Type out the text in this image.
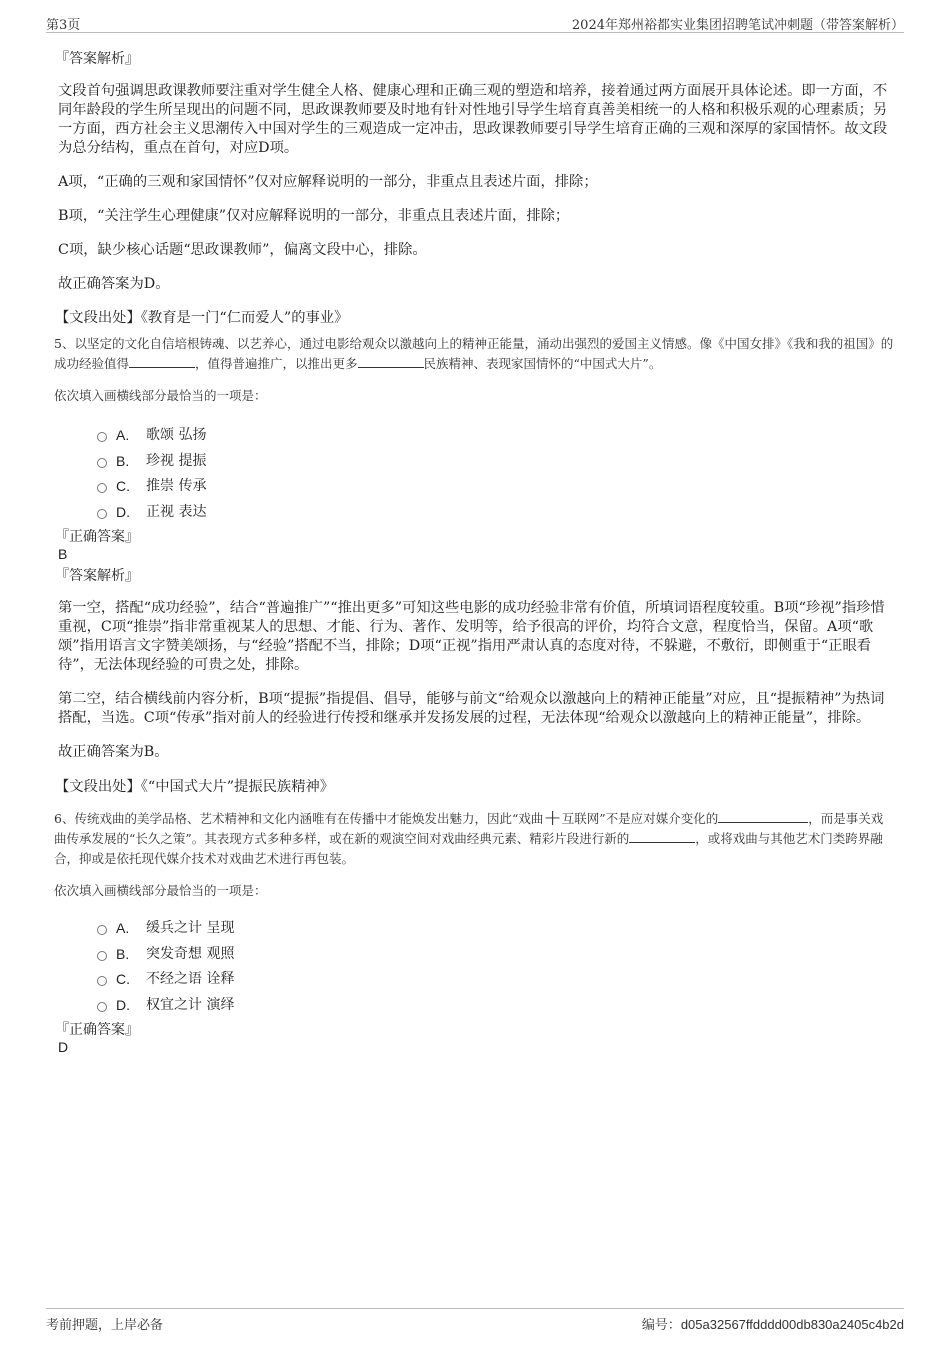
第3页	2024年郑州裕都实业集团招聘笔试冲刺题（带答案解析）

『答案解析』

文段首句强调思政课教师要注重对学生健全人格、健康心理和正确三观的塑造和培养，接着通过两方面展开具体论述。即一方面，不同年龄段的学生所呈现出的问题不同，思政课教师要及时地有针对性地引导学生培育真善美相统一的人格和积极乐观的心理素质；另一方面，西方社会主义思潮传入中国对学生的三观造成一定冲击，思政课教师要引导学生培育正确的三观和深厚的家国情怀。故文段为总分结构，重点在首句，对应D项。

A项，“正确的三观和家国情怀”仅对应解释说明的一部分，非重点且表述片面，排除；

B项，“关注学生心理健康”仅对应解释说明的一部分，非重点且表述片面，排除；

C项，缺少核心话题“思政课教师”，偏离文段中心，排除。

故正确答案为D。

【文段出处】《教育是一门“仁而爱人”的事业》

5、以坚定的文化自信培根铸魂、以艺养心，通过电影给观众以激越向上的精神正能量，涌动出强烈的爱国主义情感。像《中国女排》《我和我的祖国》的成功经验值得	，值得普遍推广，以推出更多	民族精神、表现家国情怀的“中国式大片”。

依次填入画横线部分最恰当的一项是：

A. 歌颂 弘扬
B. 珍视 提振
C. 推崇 传承
D. 正视 表达

『正确答案』

B

『答案解析』

第一空，搭配“成功经验”，结合“普遍推广”“推出更多”可知这些电影的成功经验非常有价值，所填词语程度较重。B项“珍视”指珍惜重视，C项“推崇”指非常重视某人的思想、才能、行为、著作、发明等，给予很高的评价，均符合文意，程度恰当，保留。A项“歌颂”指用语言文字赞美颂扬，与“经验”搭配不当，排除；D项“正视”指用严肃认真的态度对待，不躲避，不敷衍，即侧重于“正眼看待”，无法体现经验的可贵之处，排除。

第二空，结合横线前内容分析，B项“提振”指提倡、倡导，能够与前文“给观众以激越向上的精神正能量”对应，且“提振精神”为热词搭配，当选。C项“传承”指对前人的经验进行传授和继承并发扬发展的过程，无法体现“给观众以激越向上的精神正能量”，排除。

故正确答案为B。

【文段出处】《“中国式大片”提振民族精神》

6、传统戏曲的美学品格、艺术精神和文化内涵唯有在传播中才能焕发出魅力，因此“戏曲+互联网”不是应对媒介变化的	，而是事关戏曲传承发展的“长久之策”。其表现方式多种多样，或在新的观演空间对戏曲经典元素、精彩片段进行新的	，或将戏曲与其他艺术门类跨界融合，抑或是依托现代媒介技术对戏曲艺术进行再包装。

依次填入画横线部分最恰当的一项是：

A. 缓兵之计 呈现
B. 突发奇想 观照
C. 不经之语 诠释
D. 权宜之计 演绎

『正确答案』

D

考前押题，上岸必备	编号：d05a32567ffdddd00db830a2405c4b2d
